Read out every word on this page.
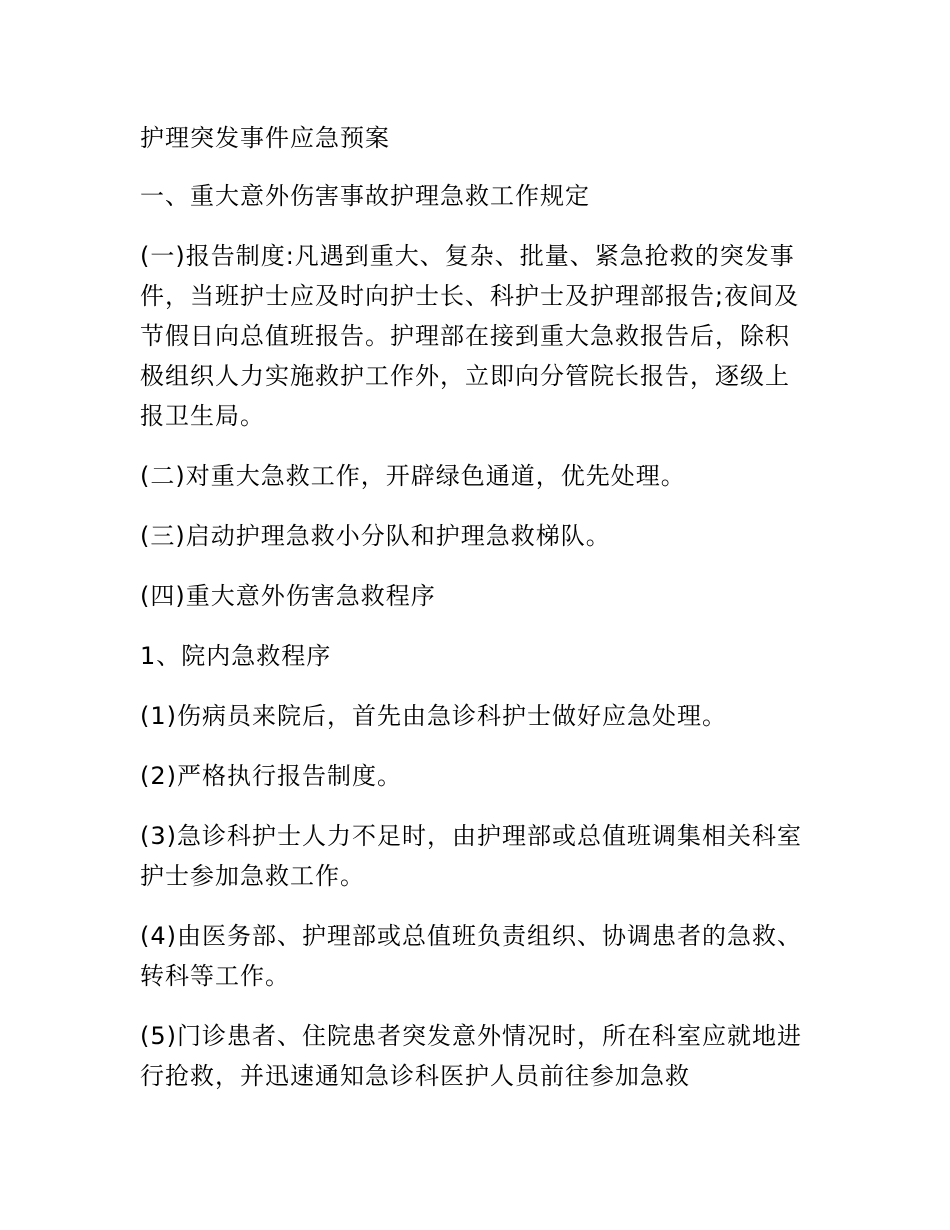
护理突发事件应急预案

一、重大意外伤害事故护理急救工作规定

(一)报告制度:凡遇到重大、复杂、批量、紧急抢救的突发事件，当班护士应及时向护士长、科护士及护理部报告;夜间及节假日向总值班报告。护理部在接到重大急救报告后，除积极组织人力实施救护工作外，立即向分管院长报告，逐级上报卫生局。

(二)对重大急救工作，开辟绿色通道，优先处理。

(三)启动护理急救小分队和护理急救梯队。

(四)重大意外伤害急救程序

1、院内急救程序

(1)伤病员来院后，首先由急诊科护士做好应急处理。

(2)严格执行报告制度。

(3)急诊科护士人力不足时，由护理部或总值班调集相关科室护士参加急救工作。

(4)由医务部、护理部或总值班负责组织、协调患者的急救、转科等工作。

(5)门诊患者、住院患者突发意外情况时，所在科室应就地进行抢救，并迅速通知急诊科医护人员前往参加急救
